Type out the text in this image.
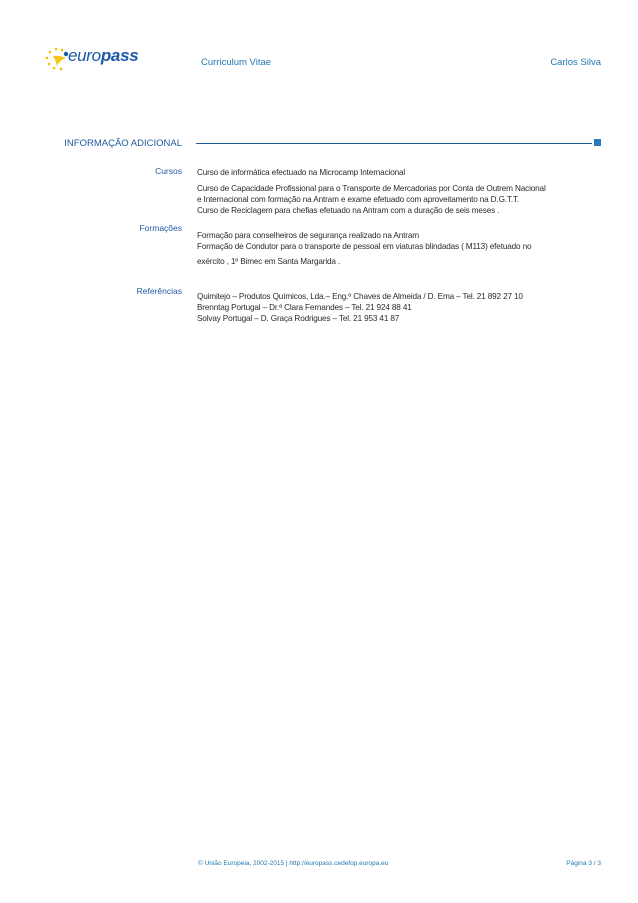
europass	Curriculum Vitae	Carlos Silva
INFORMAÇÃO ADICIONAL
Cursos Curso de informática efectuado na Microcamp Internacional
Curso de Capacidade Profissional para o Transporte de Mercadorias por Conta de Outrem Nacional
e Internacional com formação na Antram e exame efetuado com aproveitamento na D.G.T.T.
Curso de Reciclagem para chefias efetuado na Antram com a duração de seis meses .
Formações
Formação para conselheiros de segurança realizado na Antram
Formação de Condutor para o transporte de pessoal em viaturas blindadas ( M113) efetuado no
exército , 1º Bimec em Santa Margarida .
Referências
Quimitejo – Produtos Químicos, Lda.– Eng.º Chaves de Almeida / D. Ema – Tel. 21 892 27 10
Brenntag Portugal – Dr.ª Clara Fernandes – Tel. 21 924 88 41
Solvay Portugal – D. Graça Rodrigues – Tel. 21 953 41 87
© União Europeia, 2002-2015 | http://europass.cedefop.europa.eu	Página 3 / 3
